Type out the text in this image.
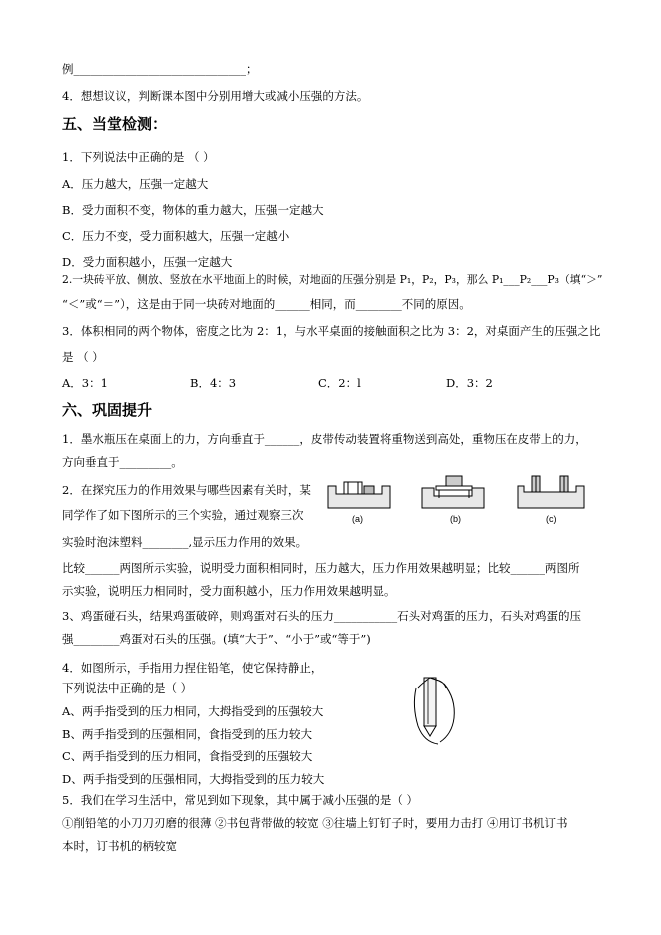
例______________________________；
4．想想议议，判断课本图中分别用增大或减小压强的方法。
五、当堂检测：
1．下列说法中正确的是 （ ）
A．压力越大，压强一定越大
B．受力面积不变，物体的重力越大，压强一定越大
C．压力不变，受力面积越大，压强一定越小
D．受力面积越小，压强一定越大
2.一块砖平放、侧放、竖放在水平地面上的时候，对地面的压强分别是 P₁，P₂，P₃，那么 P₁___P₂___P₃（填“＞”
“＜”或“＝”），这是由于同一块砖对地面的______相同，而________不同的原因。
3．体积相同的两个物体，密度之比为 2：1，与水平桌面的接触面积之比为 3：2，对桌面产生的压强之比
是 （ ）
A．3：1	B．4：3	C．2：l	D．3：2
六、巩固提升
1．墨水瓶压在桌面上的力，方向垂直于______，皮带传动装置将重物送到高处，重物压在皮带上的力，
方向垂直于_________。
2．在探究压力的作用效果与哪些因素有关时，某
同学作了如下图所示的三个实验，通过观察三次
实验时泡沫塑料________,显示压力作用的效果。
(a)	(b)	(c)
比较______两图所示实验，说明受力面积相同时，压力越大，压力作用效果越明显；比较______两图所
示实验，说明压力相同时，受力面积越小，压力作用效果越明显。
3、鸡蛋碰石头，结果鸡蛋破碎，则鸡蛋对石头的压力___________石头对鸡蛋的压力，石头对鸡蛋的压
强________鸡蛋对石头的压强。(填“大于”、“小于”或“等于”)
4．如图所示，手指用力捏住铅笔，使它保持静止，
下列说法中正确的是（ ）
A、两手指受到的压力相同，大拇指受到的压强较大
B、两手指受到的压强相同，食指受到的压力较大
C、两手指受到的压力相同，食指受到的压强较大
D、两手指受到的压强相同，大拇指受到的压力较大
5．我们在学习生活中，常见到如下现象，其中属于减小压强的是（ ）
①削铅笔的小刀刀刃磨的很薄 ②书包背带做的较宽 ③往墙上钉钉子时，要用力击打 ④用订书机订书
本时，订书机的柄较宽
